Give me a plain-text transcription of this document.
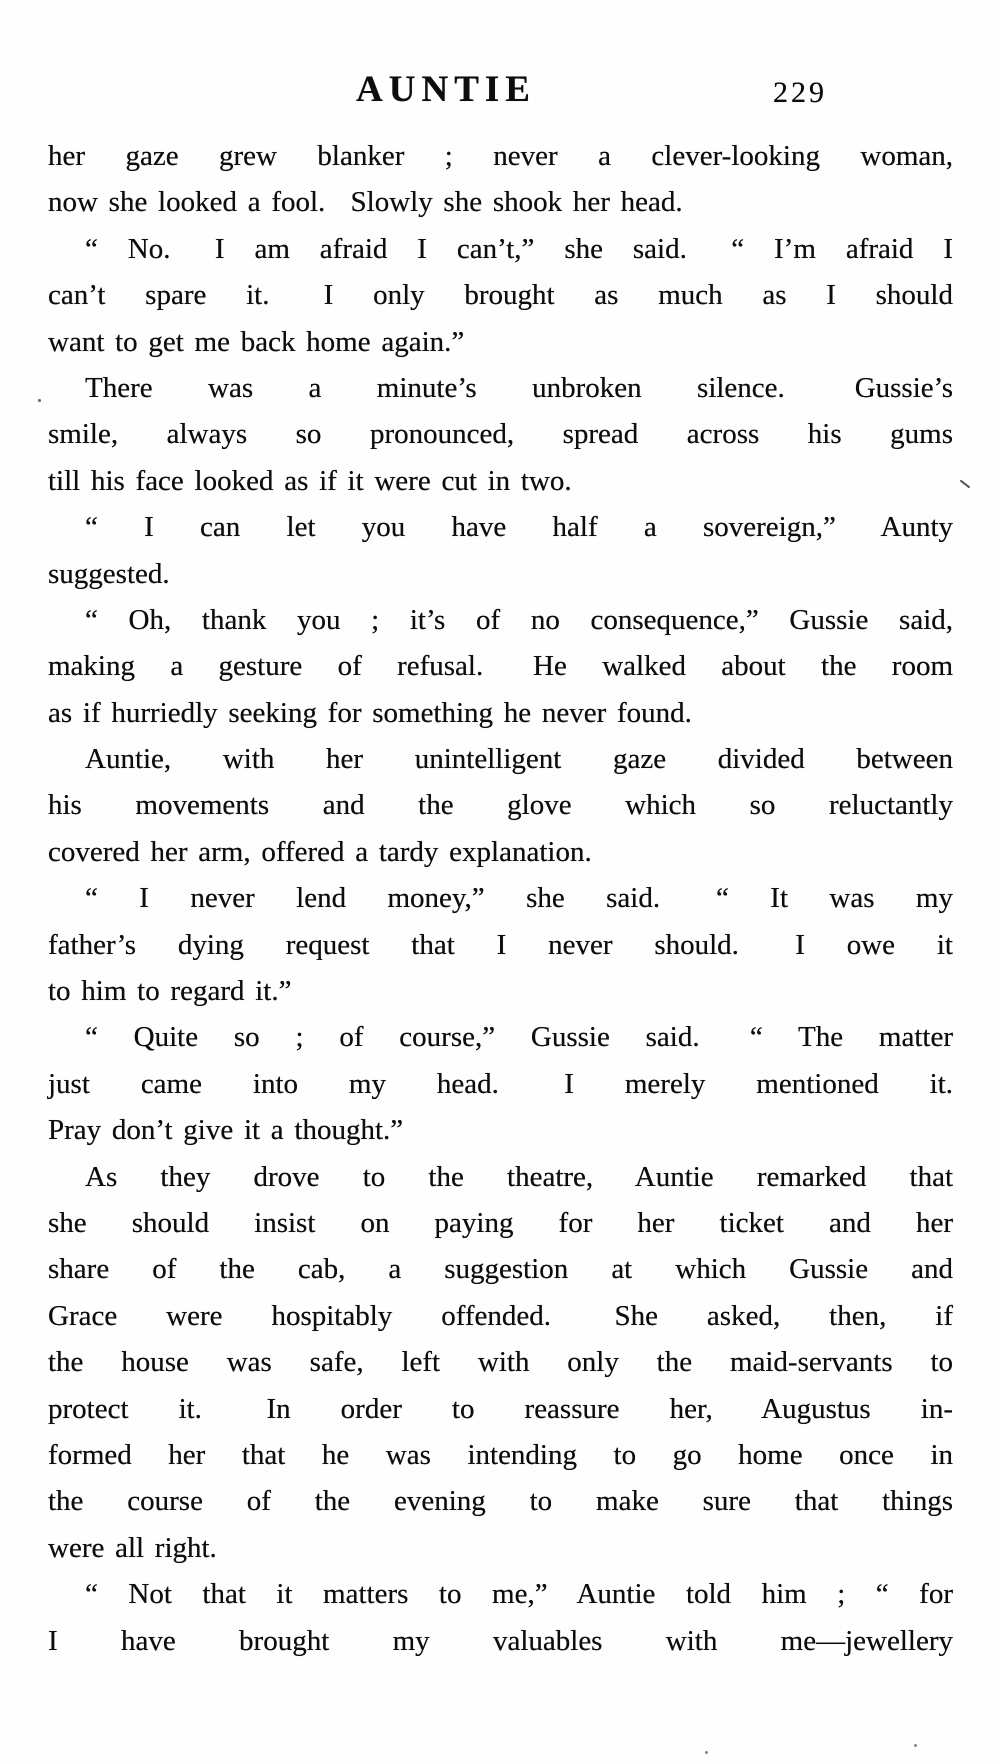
AUNTIE	229
her gaze grew blanker ; never a clever-looking woman,
now she looked a fool.  Slowly she shook her head.
“ No.  I am afraid I can’t,” she said.  “ I’m afraid I
can’t spare it.  I only brought as much as I should
want to get me back home again.”
There was a minute’s unbroken silence.  Gussie’s
smile, always so pronounced, spread across his gums
till his face looked as if it were cut in two.
“ I can let you have half a sovereign,” Aunty
suggested.
“ Oh, thank you ; it’s of no consequence,” Gussie said,
making a gesture of refusal.  He walked about the room
as if hurriedly seeking for something he never found.
Auntie, with her unintelligent gaze divided between
his movements and the glove which so reluctantly
covered her arm, offered a tardy explanation.
“ I never lend money,” she said.  “ It was my
father’s dying request that I never should.  I owe it
to him to regard it.”
“ Quite so ; of course,” Gussie said.  “ The matter
just came into my head.  I merely mentioned it.
Pray don’t give it a thought.”
As they drove to the theatre, Auntie remarked that
she should insist on paying for her ticket and her
share of the cab, a suggestion at which Gussie and
Grace were hospitably offended.  She asked, then, if
the house was safe, left with only the maid-servants to
protect it.  In order to reassure her, Augustus in-
formed her that he was intending to go home once in
the course of the evening to make sure that things
were all right.
“ Not that it matters to me,” Auntie told him ; “ for
I have brought my valuables with me—jewellery
